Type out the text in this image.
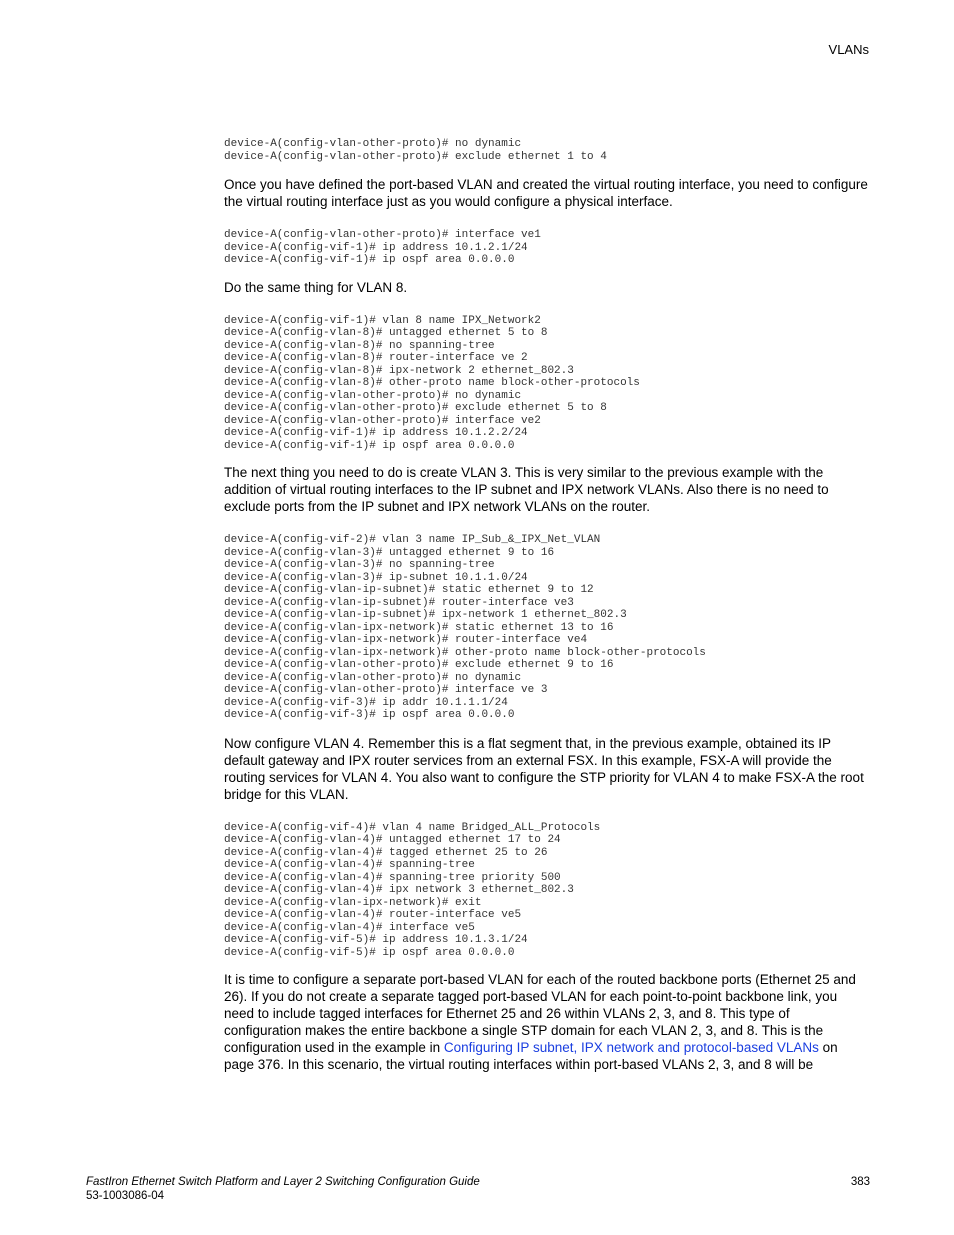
VLANs
device-A(config-vlan-other-proto)# no dynamic
device-A(config-vlan-other-proto)# exclude ethernet 1 to 4

Once you have defined the port-based VLAN and created the virtual routing interface, you need to configure the virtual routing interface just as you would configure a physical interface.

device-A(config-vlan-other-proto)# interface ve1
device-A(config-vif-1)# ip address 10.1.2.1/24
device-A(config-vif-1)# ip ospf area 0.0.0.0

Do the same thing for VLAN 8.

device-A(config-vif-1)# vlan 8 name IPX_Network2
device-A(config-vlan-8)# untagged ethernet 5 to 8
device-A(config-vlan-8)# no spanning-tree
device-A(config-vlan-8)# router-interface ve 2
device-A(config-vlan-8)# ipx-network 2 ethernet_802.3
device-A(config-vlan-8)# other-proto name block-other-protocols
device-A(config-vlan-other-proto)# no dynamic
device-A(config-vlan-other-proto)# exclude ethernet 5 to 8
device-A(config-vlan-other-proto)# interface ve2
device-A(config-vif-1)# ip address 10.1.2.2/24
device-A(config-vif-1)# ip ospf area 0.0.0.0

The next thing you need to do is create VLAN 3. This is very similar to the previous example with the addition of virtual routing interfaces to the IP subnet and IPX network VLANs. Also there is no need to exclude ports from the IP subnet and IPX network VLANs on the router.

device-A(config-vif-2)# vlan 3 name IP_Sub_&_IPX_Net_VLAN
device-A(config-vlan-3)# untagged ethernet 9 to 16
device-A(config-vlan-3)# no spanning-tree
device-A(config-vlan-3)# ip-subnet 10.1.1.0/24
device-A(config-vlan-ip-subnet)# static ethernet 9 to 12
device-A(config-vlan-ip-subnet)# router-interface ve3
device-A(config-vlan-ip-subnet)# ipx-network 1 ethernet_802.3
device-A(config-vlan-ipx-network)# static ethernet 13 to 16
device-A(config-vlan-ipx-network)# router-interface ve4
device-A(config-vlan-ipx-network)# other-proto name block-other-protocols
device-A(config-vlan-other-proto)# exclude ethernet 9 to 16
device-A(config-vlan-other-proto)# no dynamic
device-A(config-vlan-other-proto)# interface ve 3
device-A(config-vif-3)# ip addr 10.1.1.1/24
device-A(config-vif-3)# ip ospf area 0.0.0.0

Now configure VLAN 4. Remember this is a flat segment that, in the previous example, obtained its IP default gateway and IPX router services from an external FSX. In this example, FSX-A will provide the routing services for VLAN 4. You also want to configure the STP priority for VLAN 4 to make FSX-A the root bridge for this VLAN.

device-A(config-vif-4)# vlan 4 name Bridged_ALL_Protocols
device-A(config-vlan-4)# untagged ethernet 17 to 24
device-A(config-vlan-4)# tagged ethernet 25 to 26
device-A(config-vlan-4)# spanning-tree
device-A(config-vlan-4)# spanning-tree priority 500
device-A(config-vlan-4)# ipx network 3 ethernet_802.3
device-A(config-vlan-ipx-network)# exit
device-A(config-vlan-4)# router-interface ve5
device-A(config-vlan-4)# interface ve5
device-A(config-vif-5)# ip address 10.1.3.1/24
device-A(config-vif-5)# ip ospf area 0.0.0.0

It is time to configure a separate port-based VLAN for each of the routed backbone ports (Ethernet 25 and 26). If you do not create a separate tagged port-based VLAN for each point-to-point backbone link, you need to include tagged interfaces for Ethernet 25 and 26 within VLANs 2, 3, and 8. This type of configuration makes the entire backbone a single STP domain for each VLAN 2, 3, and 8. This is the configuration used in the example in Configuring IP subnet, IPX network and protocol-based VLANs on page 376. In this scenario, the virtual routing interfaces within port-based VLANs 2, 3, and 8 will be

FastIron Ethernet Switch Platform and Layer 2 Switching Configuration Guide
53-1003086-04
383
